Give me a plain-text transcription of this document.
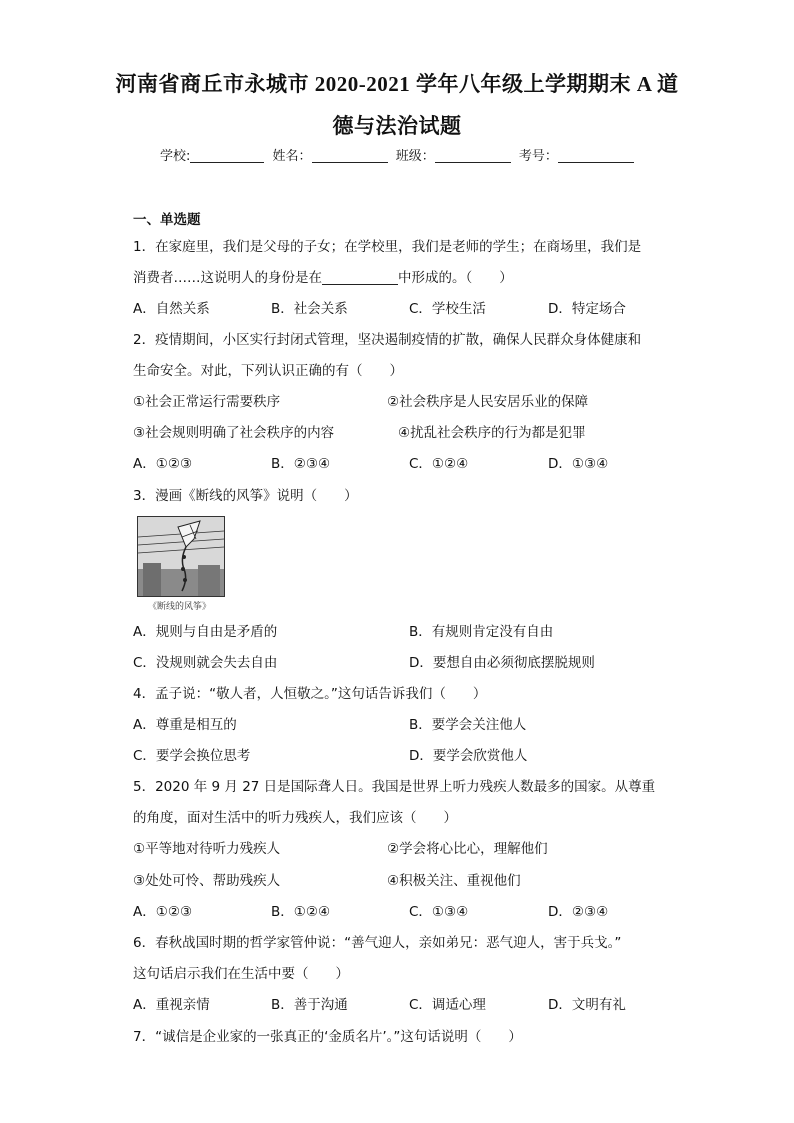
河南省商丘市永城市 2020-2021 学年八年级上学期期末 A 道
德与法治试题
学校:	姓名：	班级：	考号：
一、单选题
1．在家庭里，我们是父母的子女；在学校里，我们是老师的学生；在商场里，我们是
消费者……这说明人的身份是在	中形成的。（　　）
A．自然关系	B．社会关系	C．学校生活	D．特定场合
2．疫情期间，小区实行封闭式管理，坚决遏制疫情的扩散，确保人民群众身体健康和
生命安全。对此，下列认识正确的有（　　）
①社会正常运行需要秩序	②社会秩序是人民安居乐业的保障
③社会规则明确了社会秩序的内容	④扰乱社会秩序的行为都是犯罪
A．①②③	B．②③④	C．①②④	D．①③④
3．漫画《断线的风筝》说明（　　）
《断线的风筝》
A．规则与自由是矛盾的	B．有规则肯定没有自由
C．没规则就会失去自由	D．要想自由必须彻底摆脱规则
4．孟子说：“敬人者，人恒敬之。”这句话告诉我们（　　）
A．尊重是相互的	B．要学会关注他人
C．要学会换位思考	D．要学会欣赏他人
5．2020 年 9 月 27 日是国际聋人日。我国是世界上听力残疾人数最多的国家。从尊重
的角度，面对生活中的听力残疾人，我们应该（　　）
①平等地对待听力残疾人	②学会将心比心，理解他们
③处处可怜、帮助残疾人	④积极关注、重视他们
A．①②③	B．①②④	C．①③④	D．②③④
6．春秋战国时期的哲学家管仲说：“善气迎人，亲如弟兄：恶气迎人，害于兵戈。”
这句话启示我们在生活中要（　　）
A．重视亲情	B．善于沟通	C．调适心理	D．文明有礼
7．“诚信是企业家的一张真正的‘金质名片’。”这句话说明（　　）
